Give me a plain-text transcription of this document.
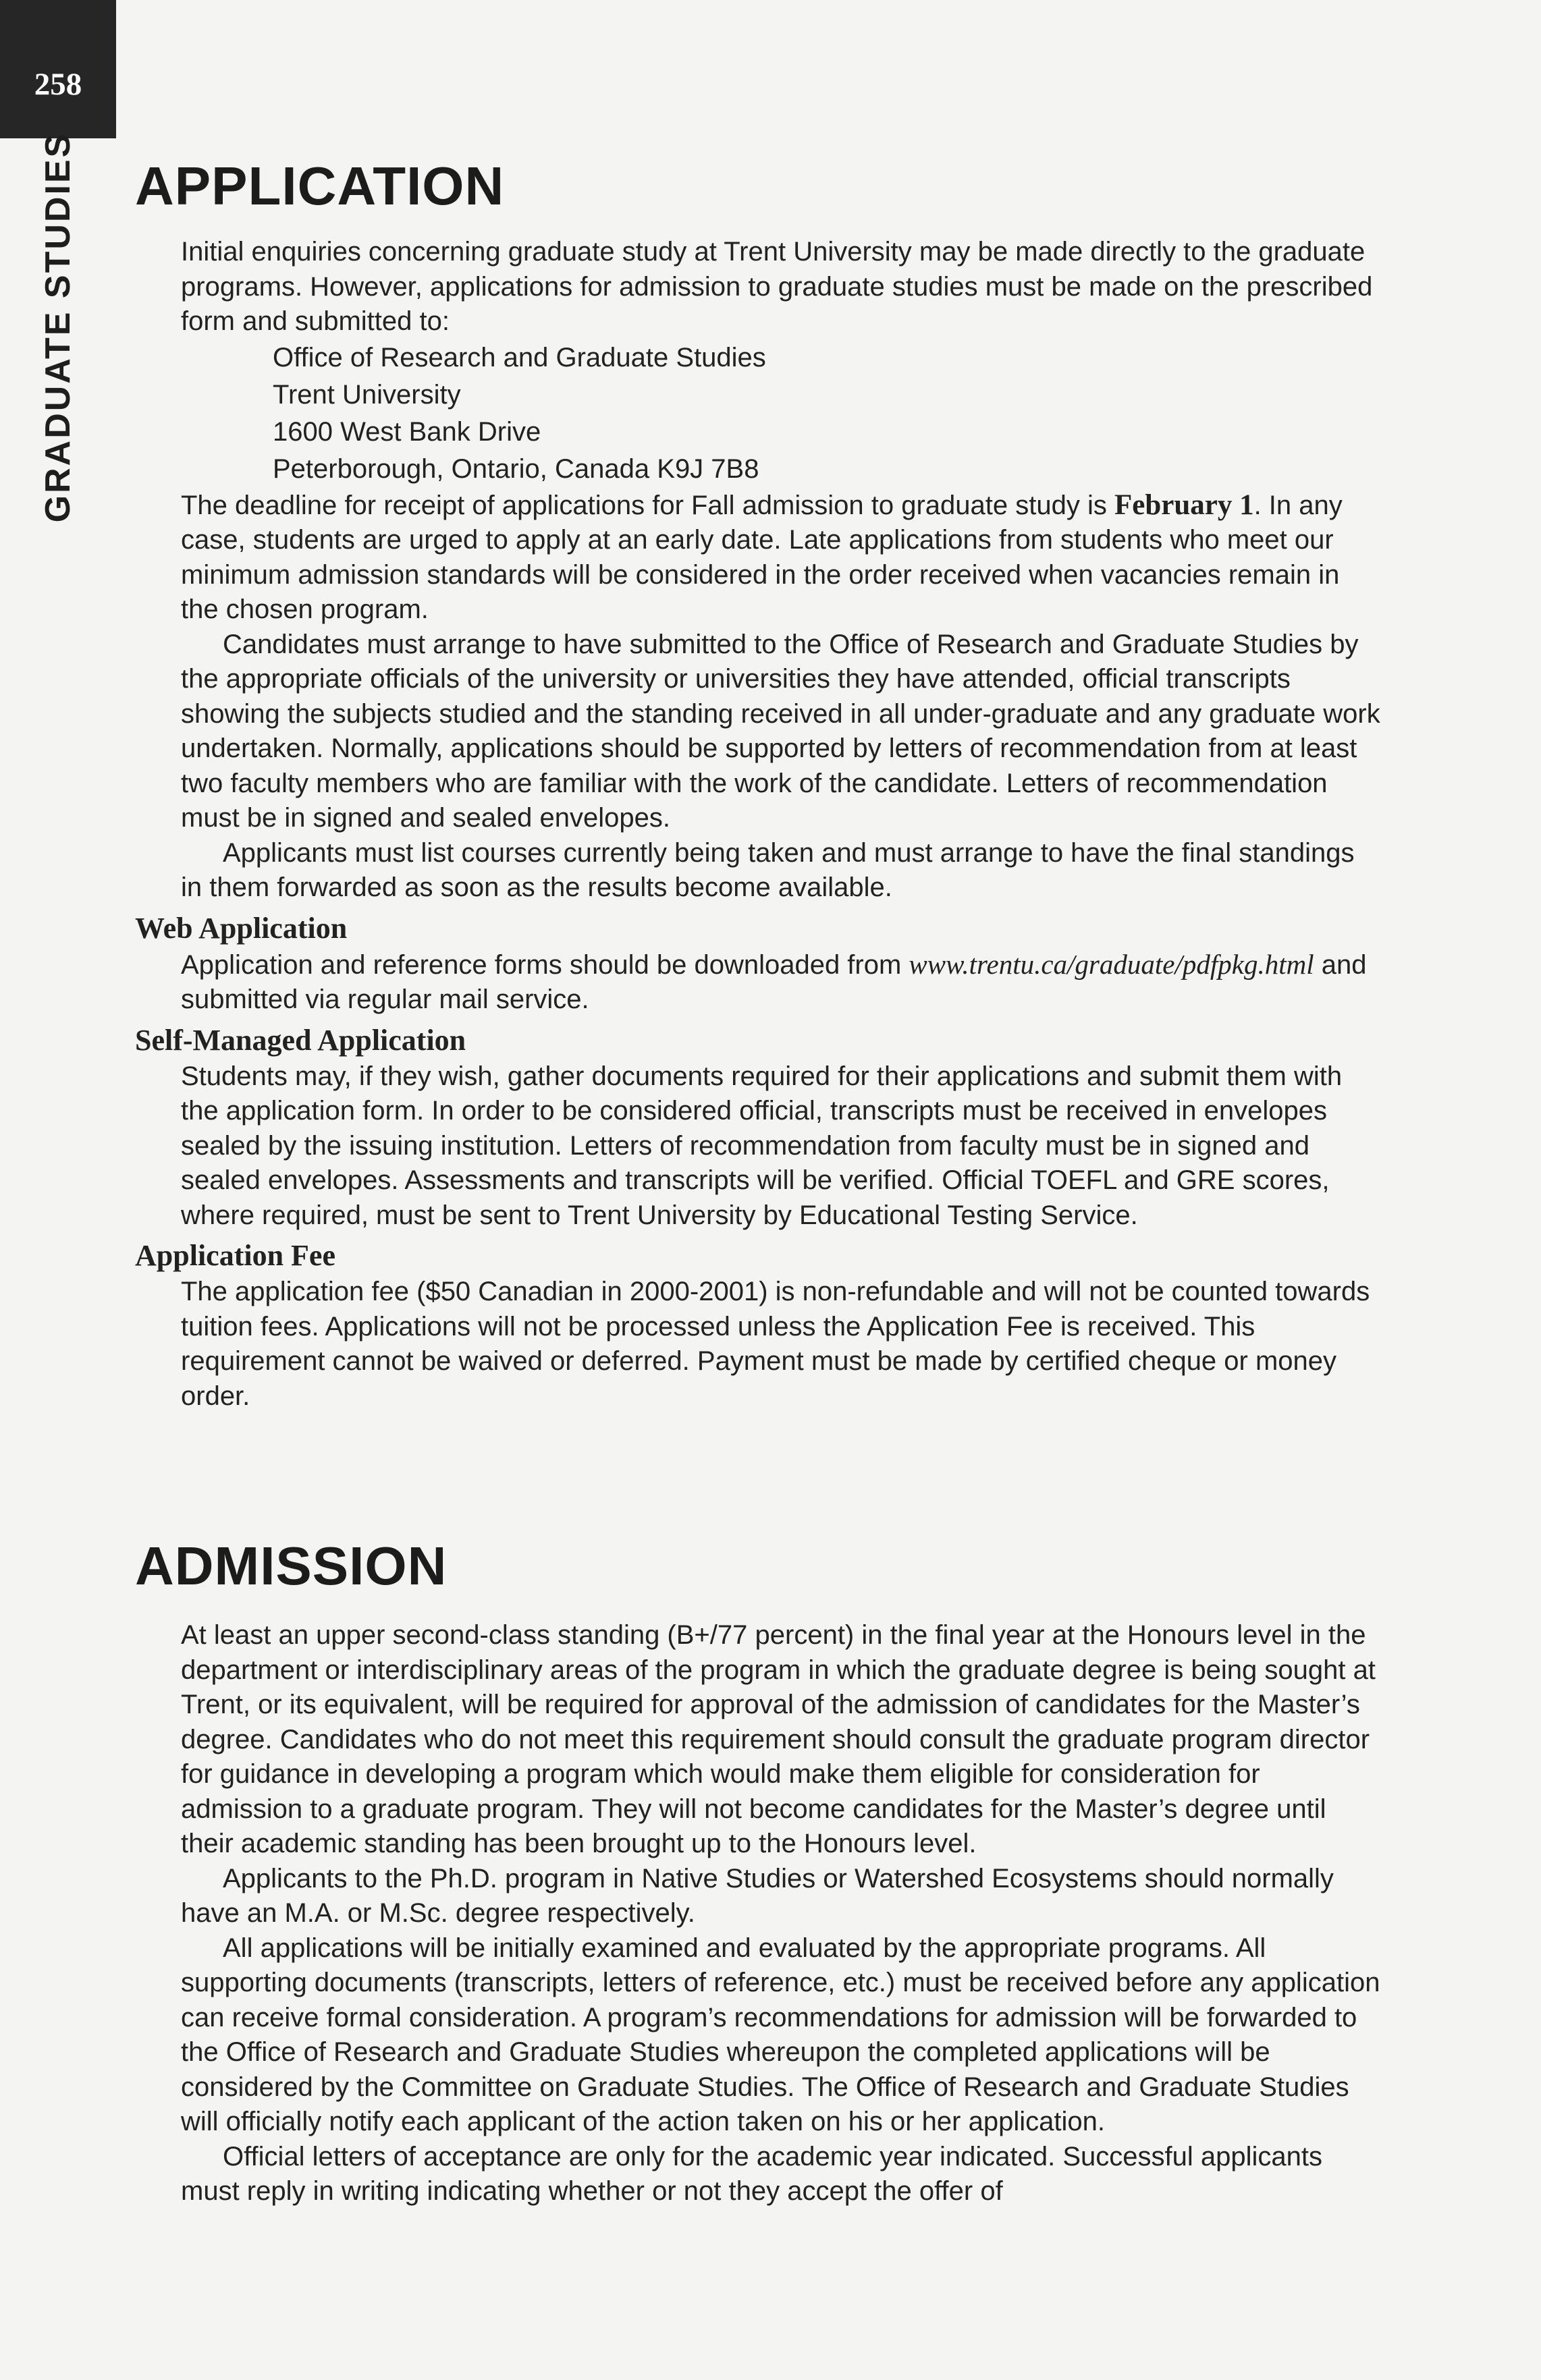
258
GRADUATE STUDIES APPLICATION

Initial enquiries concerning graduate study at Trent University may be made directly to the graduate programs. However, applications for admission to graduate studies must be made on the prescribed form and submitted to:

Office of Research and Graduate Studies
Trent University
1600 West Bank Drive
Peterborough, Ontario, Canada K9J 7B8

The deadline for receipt of applications for Fall admission to graduate study is February 1. In any case, students are urged to apply at an early date. Late applications from students who meet our minimum admission standards will be considered in the order received when vacancies remain in the chosen program.

Candidates must arrange to have submitted to the Office of Research and Graduate Studies by the appropriate officials of the university or universities they have attended, official transcripts showing the subjects studied and the standing received in all under-graduate and any graduate work undertaken. Normally, applications should be supported by letters of recommendation from at least two faculty members who are familiar with the work of the candidate. Letters of recommendation must be in signed and sealed envelopes.

Applicants must list courses currently being taken and must arrange to have the final standings in them forwarded as soon as the results become available.

Web Application

Application and reference forms should be downloaded from www.trentu.ca/graduate/pdfpkg.html and submitted via regular mail service.

Self-Managed Application

Students may, if they wish, gather documents required for their applications and submit them with the application form. In order to be considered official, transcripts must be received in envelopes sealed by the issuing institution. Letters of recommendation from faculty must be in signed and sealed envelopes. Assessments and transcripts will be verified. Official TOEFL and GRE scores, where required, must be sent to Trent University by Educational Testing Service.

Application Fee

The application fee ($50 Canadian in 2000-2001) is non-refundable and will not be counted towards tuition fees. Applications will not be processed unless the Application Fee is received. This requirement cannot be waived or deferred. Payment must be made by certified cheque or money order.

ADMISSION

At least an upper second-class standing (B+/77 percent) in the final year at the Honours level in the department or interdisciplinary areas of the program in which the graduate degree is being sought at Trent, or its equivalent, will be required for approval of the admission of candidates for the Master’s degree. Candidates who do not meet this requirement should consult the graduate program director for guidance in developing a program which would make them eligible for consideration for admission to a graduate program. They will not become candidates for the Master’s degree until their academic standing has been brought up to the Honours level.

Applicants to the Ph.D. program in Native Studies or Watershed Ecosystems should normally have an M.A. or M.Sc. degree respectively.

All applications will be initially examined and evaluated by the appropriate programs. All supporting documents (transcripts, letters of reference, etc.) must be received before any application can receive formal consideration. A program’s recommendations for admission will be forwarded to the Office of Research and Graduate Studies whereupon the completed applications will be considered by the Committee on Graduate Studies. The Office of Research and Graduate Studies will officially notify each applicant of the action taken on his or her application.

Official letters of acceptance are only for the academic year indicated. Successful applicants must reply in writing indicating whether or not they accept the offer of
